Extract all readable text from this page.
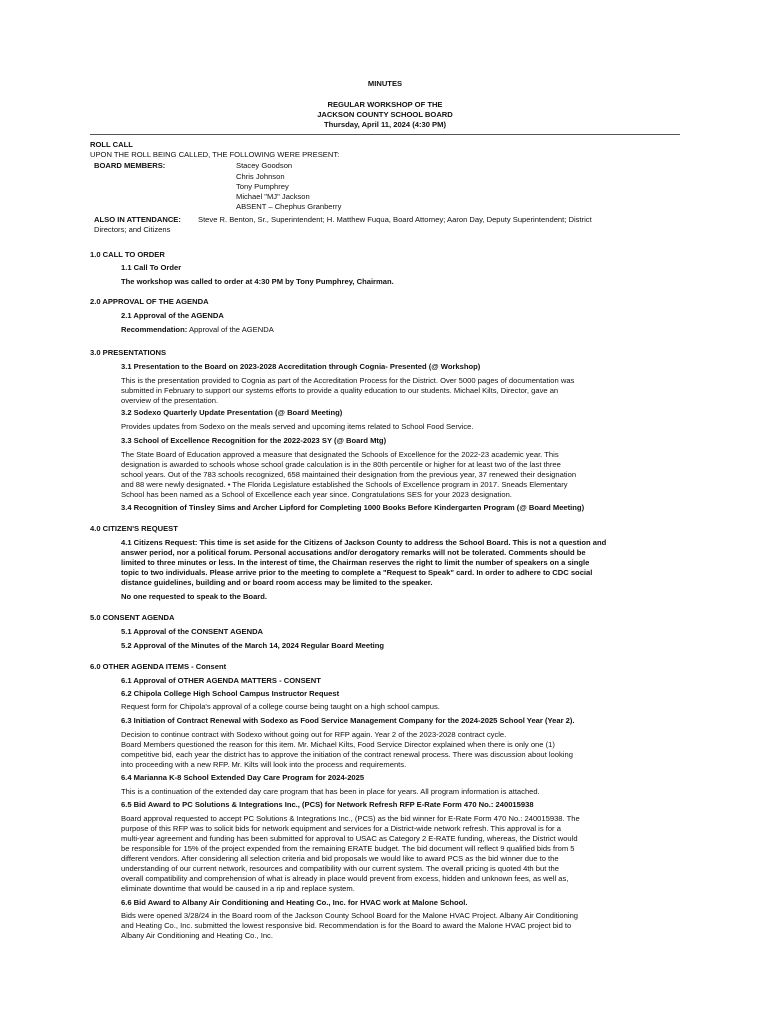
MINUTES
REGULAR WORKSHOP OF THE
JACKSON COUNTY SCHOOL BOARD
Thursday, April 11, 2024 (4:30 PM)
ROLL CALL
UPON THE ROLL BEING CALLED, THE FOLLOWING WERE PRESENT:
BOARD MEMBERS:	Stacey Goodson
Chris Johnson
Tony Pumphrey
Michael "MJ" Jackson
ABSENT – Chephus Granberry
ALSO IN ATTENDANCE: Steve R. Benton, Sr., Superintendent; H. Matthew Fuqua, Board Attorney; Aaron Day, Deputy Superintendent; District
Directors; and Citizens
1.0 CALL TO ORDER
1.1 Call To Order
The workshop was called to order at 4:30 PM by Tony Pumphrey, Chairman.
2.0 APPROVAL OF THE AGENDA
2.1 Approval of the AGENDA
Recommendation: Approval of the AGENDA
3.0 PRESENTATIONS
3.1 Presentation to the Board on 2023-2028 Accreditation through Cognia- Presented (@ Workshop)
This is the presentation provided to Cognia as part of the Accreditation Process for the District. Over 5000 pages of documentation was
submitted in February to support our systems efforts to provide a quality education to our students. Michael Kilts, Director, gave an
overview of the presentation.
3.2 Sodexo Quarterly Update Presentation (@ Board Meeting)
Provides updates from Sodexo on the meals served and upcoming items related to School Food Service.
3.3 School of Excellence Recognition for the 2022-2023 SY (@ Board Mtg)
The State Board of Education approved a measure that designated the Schools of Excellence for the 2022-23 academic year. This
designation is awarded to schools whose school grade calculation is in the 80th percentile or higher for at least two of the last three
school years. Out of the 783 schools recognized, 658 maintained their designation from the previous year, 37 renewed their designation
and 88 were newly designated. • The Florida Legislature established the Schools of Excellence program in 2017. Sneads Elementary
School has been named as a School of Excellence each year since. Congratulations SES for your 2023 designation.
3.4 Recognition of Tinsley Sims and Archer Lipford for Completing 1000 Books Before Kindergarten Program (@ Board Meeting)
4.0 CITIZEN'S REQUEST
4.1 Citizens Request: This time is set aside for the Citizens of Jackson County to address the School Board. This is not a question and
answer period, nor a political forum. Personal accusations and/or derogatory remarks will not be tolerated. Comments should be
limited to three minutes or less. In the interest of time, the Chairman reserves the right to limit the number of speakers on a single
topic to two individuals. Please arrive prior to the meeting to complete a "Request to Speak" card. In order to adhere to CDC social
distance guidelines, building and or board room access may be limited to the speaker.
No one requested to speak to the Board.
5.0 CONSENT AGENDA
5.1 Approval of the CONSENT AGENDA
5.2 Approval of the Minutes of the March 14, 2024 Regular Board Meeting
6.0 OTHER AGENDA ITEMS - Consent
6.1 Approval of OTHER AGENDA MATTERS - CONSENT
6.2 Chipola College High School Campus Instructor Request
Request form for Chipola's approval of a college course being taught on a high school campus.
6.3 Initiation of Contract Renewal with Sodexo as Food Service Management Company for the 2024-2025 School Year (Year 2).
Decision to continue contract with Sodexo without going out for RFP again. Year 2 of the 2023-2028 contract cycle.
Board Members questioned the reason for this item. Mr. Michael Kilts, Food Service Director explained when there is only one (1)
competitive bid, each year the district has to approve the initiation of the contract renewal process. There was discussion about looking
into proceeding with a new RFP. Mr. Kilts will look into the process and requirements.
6.4 Marianna K-8 School Extended Day Care Program for 2024-2025
This is a continuation of the extended day care program that has been in place for years. All program information is attached.
6.5 Bid Award to PC Solutions & Integrations Inc., (PCS) for Network Refresh RFP E-Rate Form 470 No.: 240015938
Board approval requested to accept PC Solutions & Integrations Inc., (PCS) as the bid winner for E-Rate Form 470 No.: 240015938. The
purpose of this RFP was to solicit bids for network equipment and services for a District-wide network refresh. This approval is for a
multi-year agreement and funding has been submitted for approval to USAC as Category 2 E-RATE funding, whereas, the District would
be responsible for 15% of the project expended from the remaining ERATE budget. The bid document will reflect 9 qualified bids from 5
different vendors. After considering all selection criteria and bid proposals we would like to award PCS as the bid winner due to the
understanding of our current network, resources and compatibility with our current system. The overall pricing is quoted 4th but the
overall compatibility and comprehension of what is already in place would prevent from excess, hidden and unknown fees, as well as,
eliminate downtime that would be caused in a rip and replace system.
6.6 Bid Award to Albany Air Conditioning and Heating Co., Inc. for HVAC work at Malone School.
Bids were opened 3/28/24 in the Board room of the Jackson County School Board for the Malone HVAC Project. Albany Air Conditioning
and Heating Co., Inc. submitted the lowest responsive bid. Recommendation is for the Board to award the Malone HVAC project bid to
Albany Air Conditioning and Heating Co., Inc.
